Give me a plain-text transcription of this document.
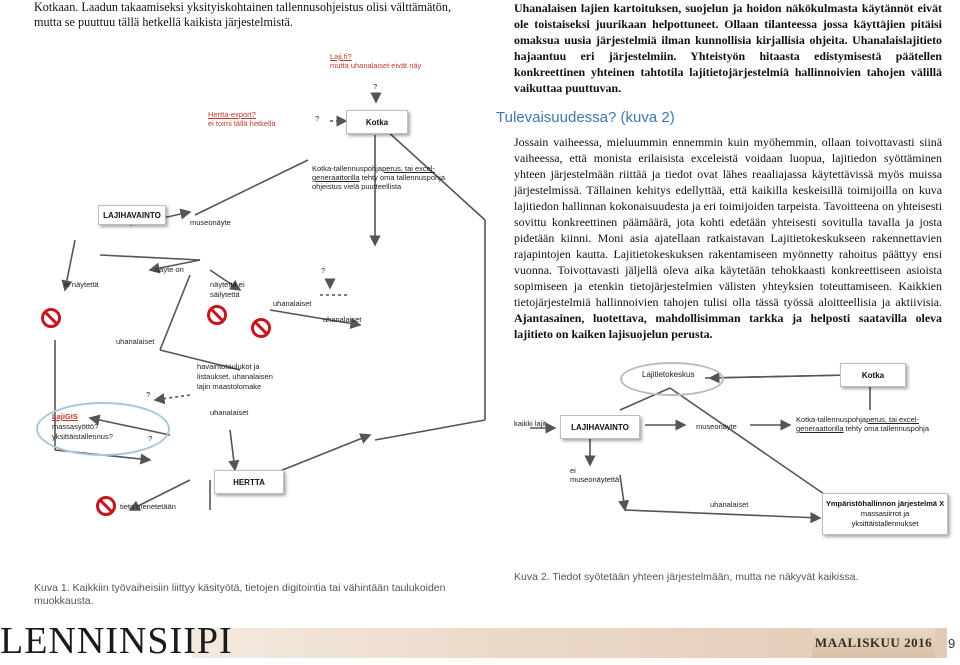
Kotkaan. Laadun takaamiseksi yksityiskohtainen tallennusohjeistus olisi välttämätön, mutta se puuttuu tällä hetkellä kaikista järjestelmistä.
Uhanalaisen lajien kartoituksen, suojelun ja hoidon näkökulmasta käytännöt eivät ole toistaiseksi juurikaan helpottuneet. Ollaan tilanteessa jossa käyttäjien pitäisi omaksua uusia järjestelmiä ilman kunnollisia kirjallisia ohjeita. Uhanalaislajitieto hajaantuu eri järjestelmiin. Yhteistyön hitaasta edistymisestä päätellen konkreettinen yhteinen tahtotila lajitietojärjestelmiä hallinnoivien tahojen välillä vaikuttaa puuttuvan.
Tulevaisuudessa? (kuva 2)
Jossain vaiheessa, mieluummin ennemmin kuin myöhemmin, ollaan toivottavasti siinä vaiheessa, että monista erilaisista exceleistä voidaan luopua, lajitiedon syöttäminen yhteen järjestelmään riittää ja tiedot ovat lähes reaaliajassa käytettävissä myös muissa järjestelmissä. Tällainen kehitys edellyttää, että kaikilla keskeisillä toimijoilla on kuva lajitiedon hallinnan kokonaisuudesta ja eri toimijoiden tarpeista. Tavoitteena on yhteisesti sovittu konkreettinen päämäärä, jota kohti edetään yhteisesti sovitulla tavalla ja josta pidetään kiinni. Moni asia ajatellaan ratkaistavan Lajitietokeskukseen rakennettavien rajapintojen kautta. Lajitietokeskuksen rakentamiseen myönnetty rahoitus päättyy ensi vuonna. Toivottavasti jäljellä oleva aika käytetään tehokkaasti konkreettiseen asioista sopimiseen ja etenkin tietojärjestelmien välisten yhteyksien toteuttamiseen. Kaikkien tietojärjestelmiä hallinnoivien tahojen tulisi olla tässä työssä aloitteellisia ja aktiivisia. Ajantasainen, luotettava, mahdollisimman tarkka ja helposti saatavilla oleva lajitieto on kaiken lajisuojelun perusta.
Kotka
LAJIHAVAINTO
HERTTA
Laji.fi?
mutta uhanalaiset eivät näy
?
Hertta-export?
ei toimi tällä hetkellä
?
Kotka-tallennuspohjaperus, tai excel-
generaattorilla tehty oma tallennuspohja
ohjeistus vielä puutteellista
museonäyte
näyte on
ei näytettä	näytettä ei
säilytettä
uhanalaiset
uhanalaiset
?
uhanalaiset
havaintotaulukot ja
listaukset, uhanalaisen
lajin maastolomake
?
LajiGIS
massasyöttö?
yksittäistallennus?
uhanalaiset
tieto menetetään
?
Lajitietokeskus	Kotka
LAJIHAVAINTO
kaikki lajit	museonäyte
Kotka-tallennuspohjaperus, tai excel-
generaattorilla tehty oma tallennuspohja
ei
museonäytettä
uhanalaiset	Ympäristöhallinnon järjestelmä X
massasiirrot ja
yksittäistallennukset
Kuva 1. Kaikkiin työvaiheisiin liittyy käsityötä, tietojen digitointia tai vähintään taulukoiden muokkausta.
Kuva 2. Tiedot syötetään yhteen järjestelmään, mutta ne näkyvät kaikissa.
LENNINSIIPI	MAALISKUU 2016 9
